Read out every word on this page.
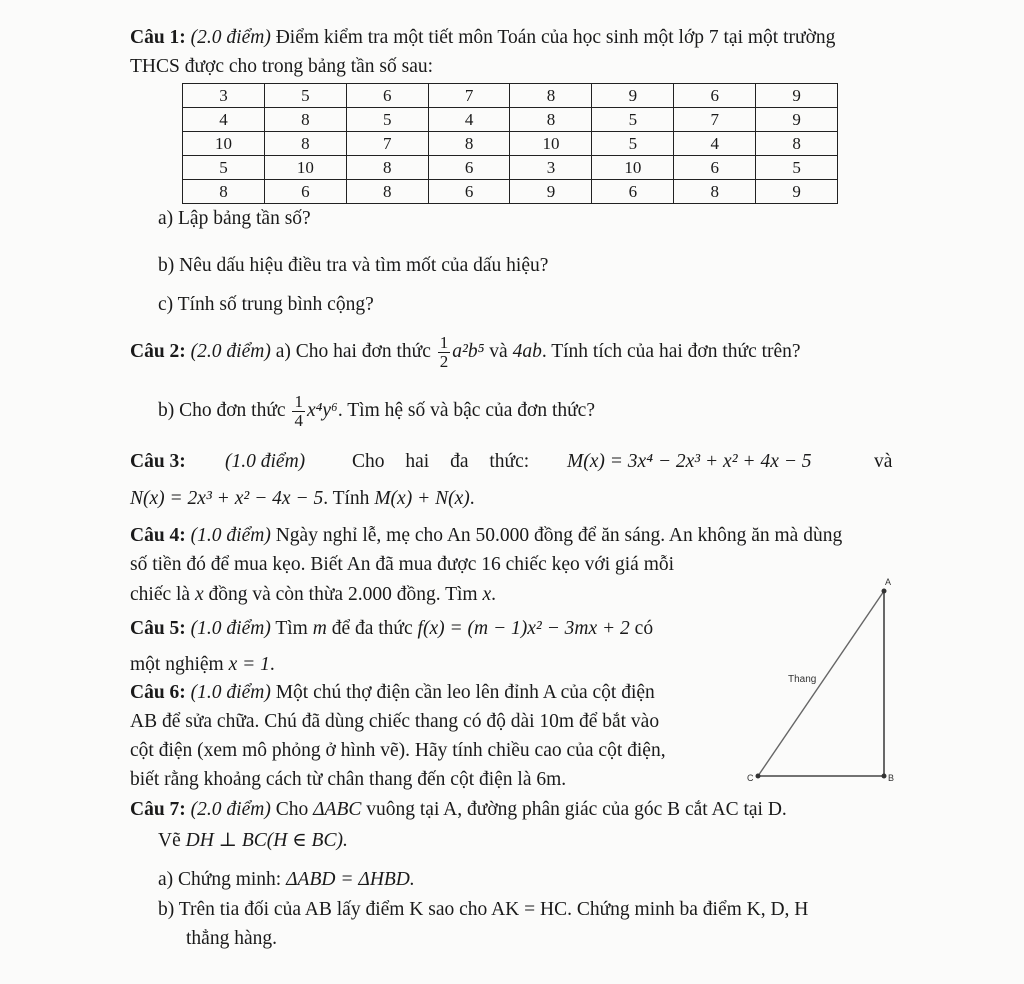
Câu 1: (2.0 điểm) Điểm kiểm tra một tiết môn Toán của học sinh một lớp 7 tại một trường
THCS được cho trong bảng tần số sau:
3	5	6	7	8	9	6	9
4	8	5	4	8	5	7	9
10	8	7	8	10	5	4	8
5	10	8	6	3	10	6	5
8	6	8	6	9	6	8	9
a) Lập bảng tần số?
b) Nêu dấu hiệu điều tra và tìm mốt của dấu hiệu?
c) Tính số trung bình cộng?
Câu 2: (2.0 điểm) a) Cho hai đơn thức $\frac{1}{2} a^2b^5$ và 4ab. Tính tích của hai đơn thức trên?
b) Cho đơn thức $\frac{1}{4} x^4y^6$. Tìm hệ số và bậc của đơn thức?
Câu 3: (1.0 điểm) Cho hai đa thức: M(x) = 3x⁴ − 2x³ + x² + 4x − 5	và
N(x) = 2x³ + x² − 4x − 5. Tính M(x) + N(x).
Câu 4: (1.0 điểm) Ngày nghỉ lễ, mẹ cho An 50.000 đồng để ăn sáng. An không ăn mà dùng
số tiền đó để mua kẹo. Biết An đã mua được 16 chiếc kẹo với giá mỗi
chiếc là x đồng và còn thừa 2.000 đồng. Tìm x.
Câu 5: (1.0 điểm) Tìm m để đa thức f(x) = (m − 1)x² − 3mx + 2 có
một nghiệm x = 1.
Câu 6: (1.0 điểm) Một chú thợ điện cần leo lên đỉnh A của cột điện
AB để sửa chữa. Chú đã dùng chiếc thang có độ dài 10m để bắt vào
cột điện (xem mô phỏng ở hình vẽ). Hãy tính chiều cao của cột điện,
biết rằng khoảng cách từ chân thang đến cột điện là 6m.
A
B
C
Thang
Câu 7: (2.0 điểm) Cho ΔABC vuông tại A, đường phân giác của góc B cắt AC tại D.
Vẽ DH ⊥ BC(H ∈ BC).
a) Chứng minh: ΔABD = ΔHBD.
b) Trên tia đối của AB lấy điểm K sao cho AK = HC. Chứng minh ba điểm K, D, H
thẳng hàng.
